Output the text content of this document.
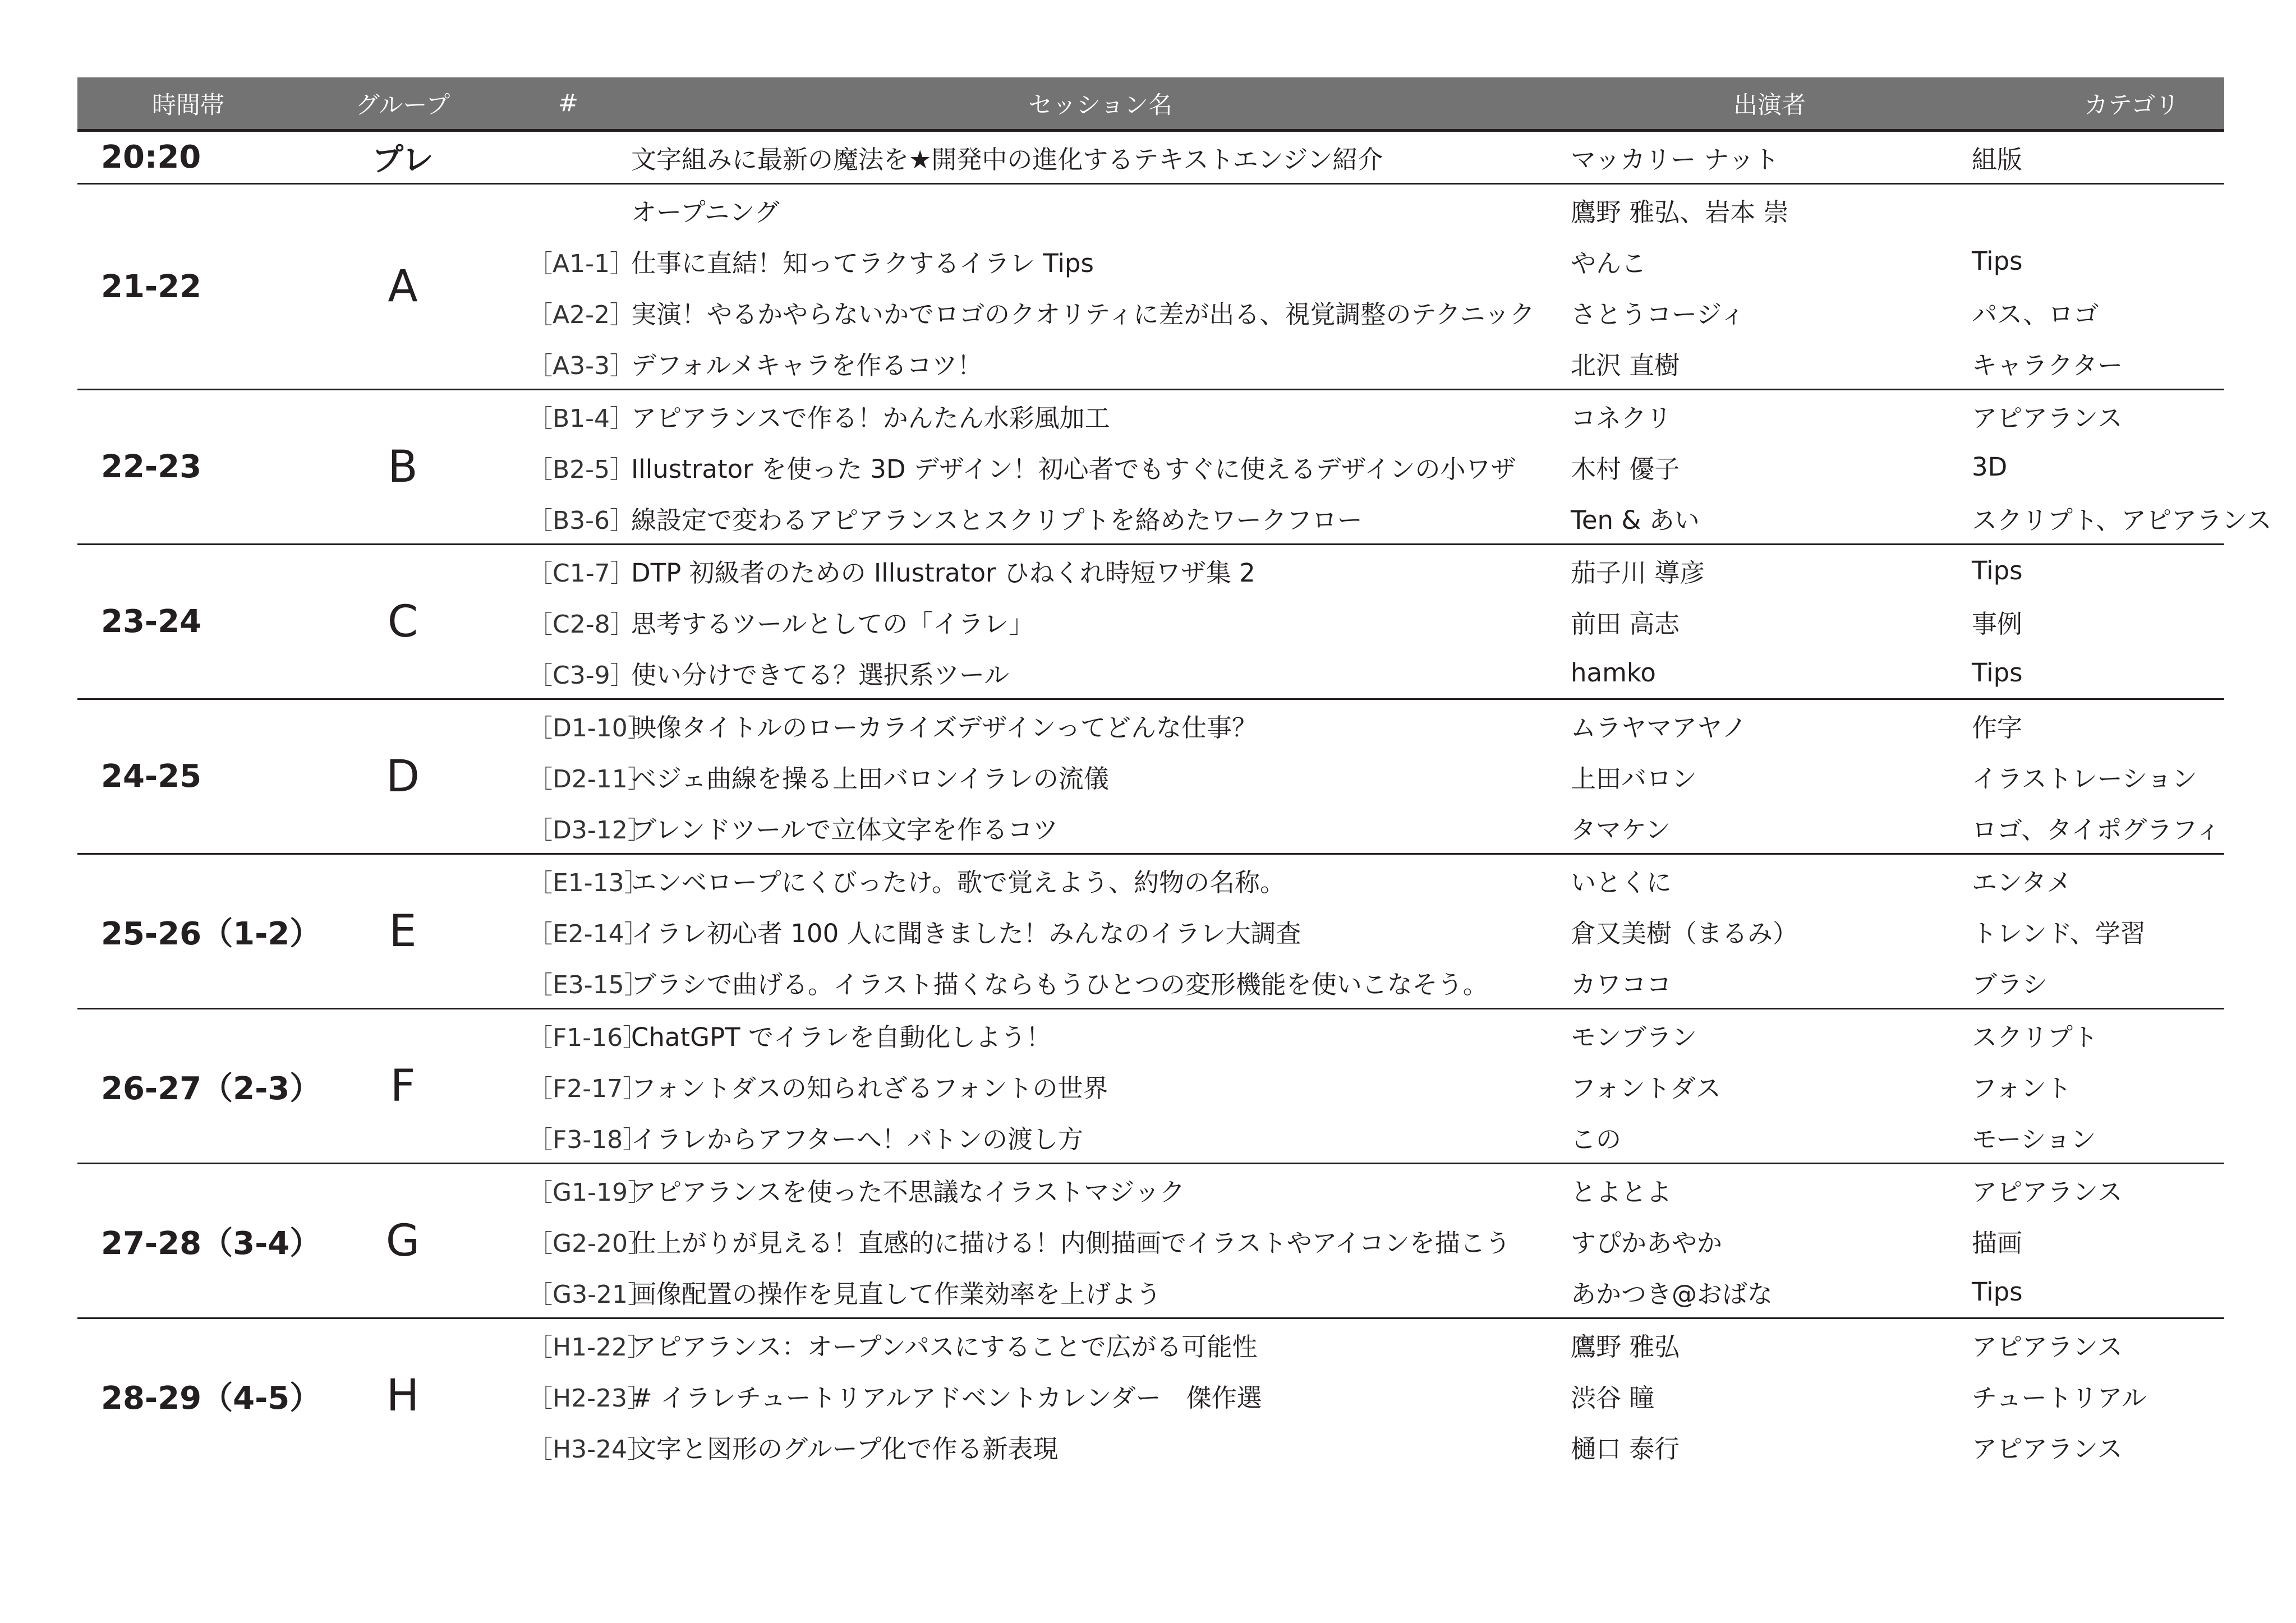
時間帯	グループ	#	セッション名	出演者	カテゴリ
20:20	プレ		文字組みに最新の魔法を★開発中の進化するテキストエンジン紹介	マッカリー ナット	組版
21-22	A		オープニング	鷹野 雅弘、岩本 崇	
		［A1-1］	仕事に直結！知ってラクするイラレ Tips	やんこ	Tips
		［A2-2］	実演！やるかやらないかでロゴのクオリティに差が出る、視覚調整のテクニック	さとうコージィ	パス、ロゴ
		［A3-3］	デフォルメキャラを作るコツ！	北沢 直樹	キャラクター
22-23	B	［B1-4］	アピアランスで作る！かんたん水彩風加工	コネクリ	アピアランス
		［B2-5］	Illustrator を使った 3D デザイン！初心者でもすぐに使えるデザインの小ワザ	木村 優子	3D
		［B3-6］	線設定で変わるアピアランスとスクリプトを絡めたワークフロー	Ten & あい	スクリプト、アピアランス
23-24	C	［C1-7］	DTP 初級者のための Illustrator ひねくれ時短ワザ集 2	茄子川 導彦	Tips
		［C2-8］	思考するツールとしての「イラレ」	前田 高志	事例
		［C3-9］	使い分けできてる？選択系ツール	hamko	Tips
24-25	D	［D1-10］	映像タイトルのローカライズデザインってどんな仕事？	ムラヤマアヤノ	作字
		［D2-11］	ベジェ曲線を操る上田バロンイラレの流儀	上田バロン	イラストレーション
		［D3-12］	ブレンドツールで立体文字を作るコツ	タマケン	ロゴ、タイポグラフィ
25-26（1-2）	E	［E1-13］	エンベロープにくびったけ。歌で覚えよう、約物の名称。	いとくに	エンタメ
		［E2-14］	イラレ初心者 100 人に聞きました！みんなのイラレ大調査	倉又美樹（まるみ）	トレンド、学習
		［E3-15］	ブラシで曲げる。イラスト描くならもうひとつの変形機能を使いこなそう。	カワココ	ブラシ
26-27（2-3）	F	［F1-16］	ChatGPT でイラレを自動化しよう！	モンブラン	スクリプト
		［F2-17］	フォントダスの知られざるフォントの世界	フォントダス	フォント
		［F3-18］	イラレからアフターへ！バトンの渡し方	この	モーション
27-28（3-4）	G	［G1-19］	アピアランスを使った不思議なイラストマジック	とよとよ	アピアランス
		［G2-20］	仕上がりが見える！直感的に描ける！内側描画でイラストやアイコンを描こう	すぴかあやか	描画
		［G3-21］	画像配置の操作を見直して作業効率を上げよう	あかつき@おばな	Tips
28-29（4-5）	H	［H1-22］	アピアランス：オープンパスにすることで広がる可能性	鷹野 雅弘	アピアランス
		［H2-23］	# イラレチュートリアルアドベントカレンダー　傑作選	渋谷 瞳	チュートリアル
		［H3-24］	文字と図形のグループ化で作る新表現	樋口 泰行	アピアランス
